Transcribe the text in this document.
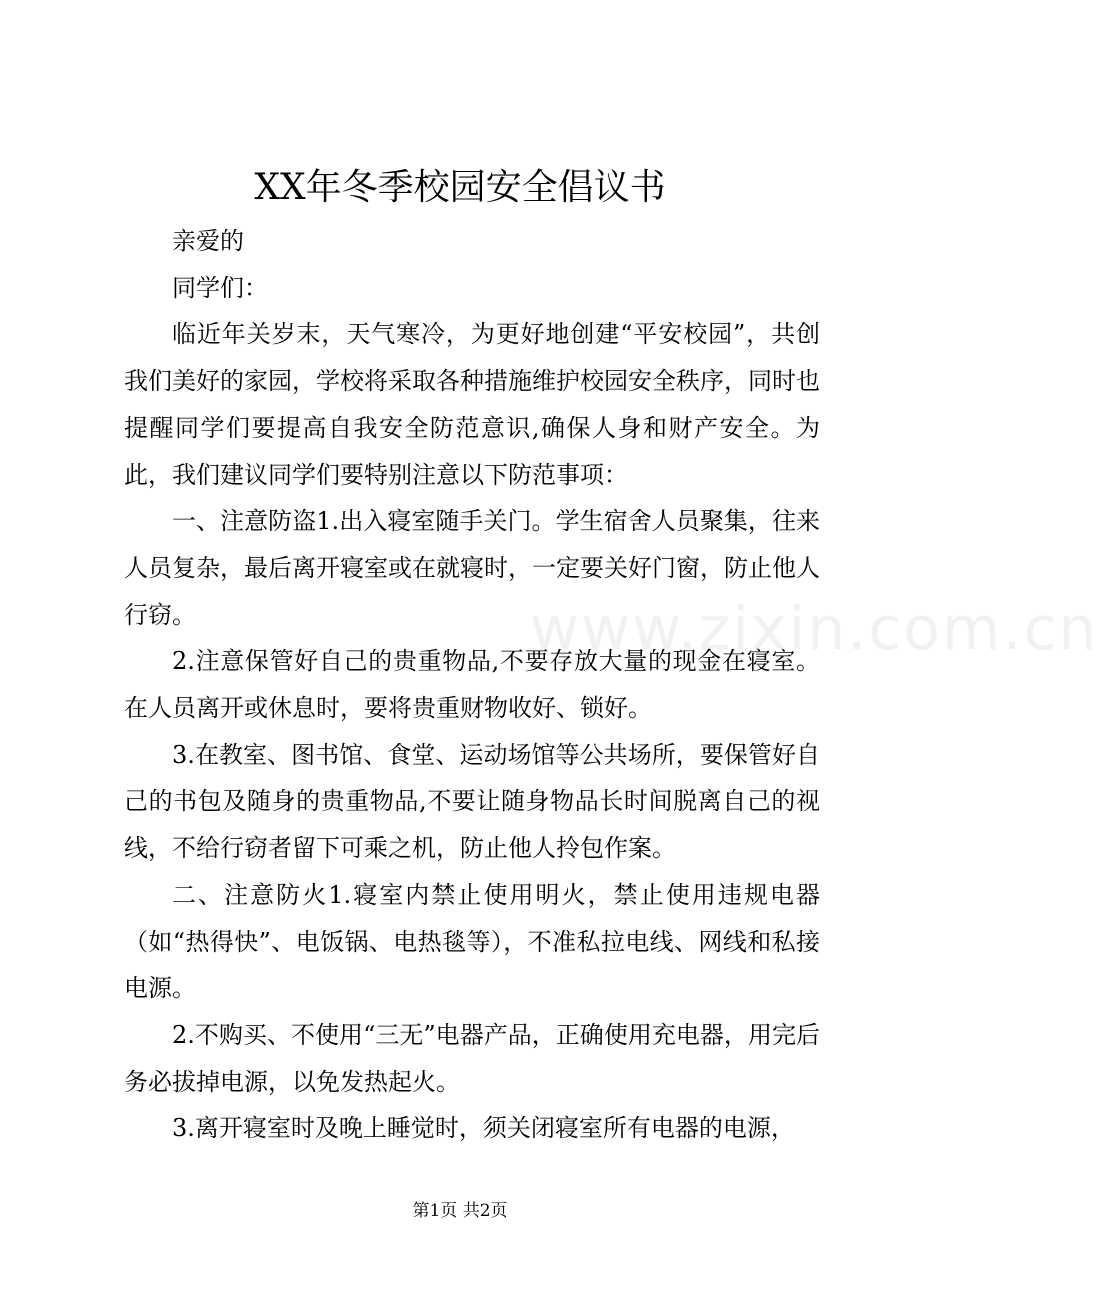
XX年冬季校园安全倡议书

亲爱的

同学们：

临近年关岁末，天气寒冷，为更好地创建“平安校园”，共创我们美好的家园，学校将采取各种措施维护校园安全秩序，同时也提醒同学们要提高自我安全防范意识,确保人身和财产安全。为此，我们建议同学们要特别注意以下防范事项：

一、注意防盗1.出入寝室随手关门。学生宿舍人员聚集，往来人员复杂，最后离开寝室或在就寝时，一定要关好门窗，防止他人行窃。

2.注意保管好自己的贵重物品,不要存放大量的现金在寝室。在人员离开或休息时，要将贵重财物收好、锁好。

3.在教室、图书馆、食堂、运动场馆等公共场所，要保管好自己的书包及随身的贵重物品,不要让随身物品长时间脱离自己的视线，不给行窃者留下可乘之机，防止他人拎包作案。

二、注意防火1.寝室内禁止使用明火，禁止使用违规电器（如“热得快”、电饭锅、电热毯等），不准私拉电线、网线和私接电源。

2.不购买、不使用“三无”电器产品，正确使用充电器，用完后务必拔掉电源，以免发热起火。

3.离开寝室时及晚上睡觉时，须关闭寝室所有电器的电源，

www.zixin.com.cn
第1页 共2页
